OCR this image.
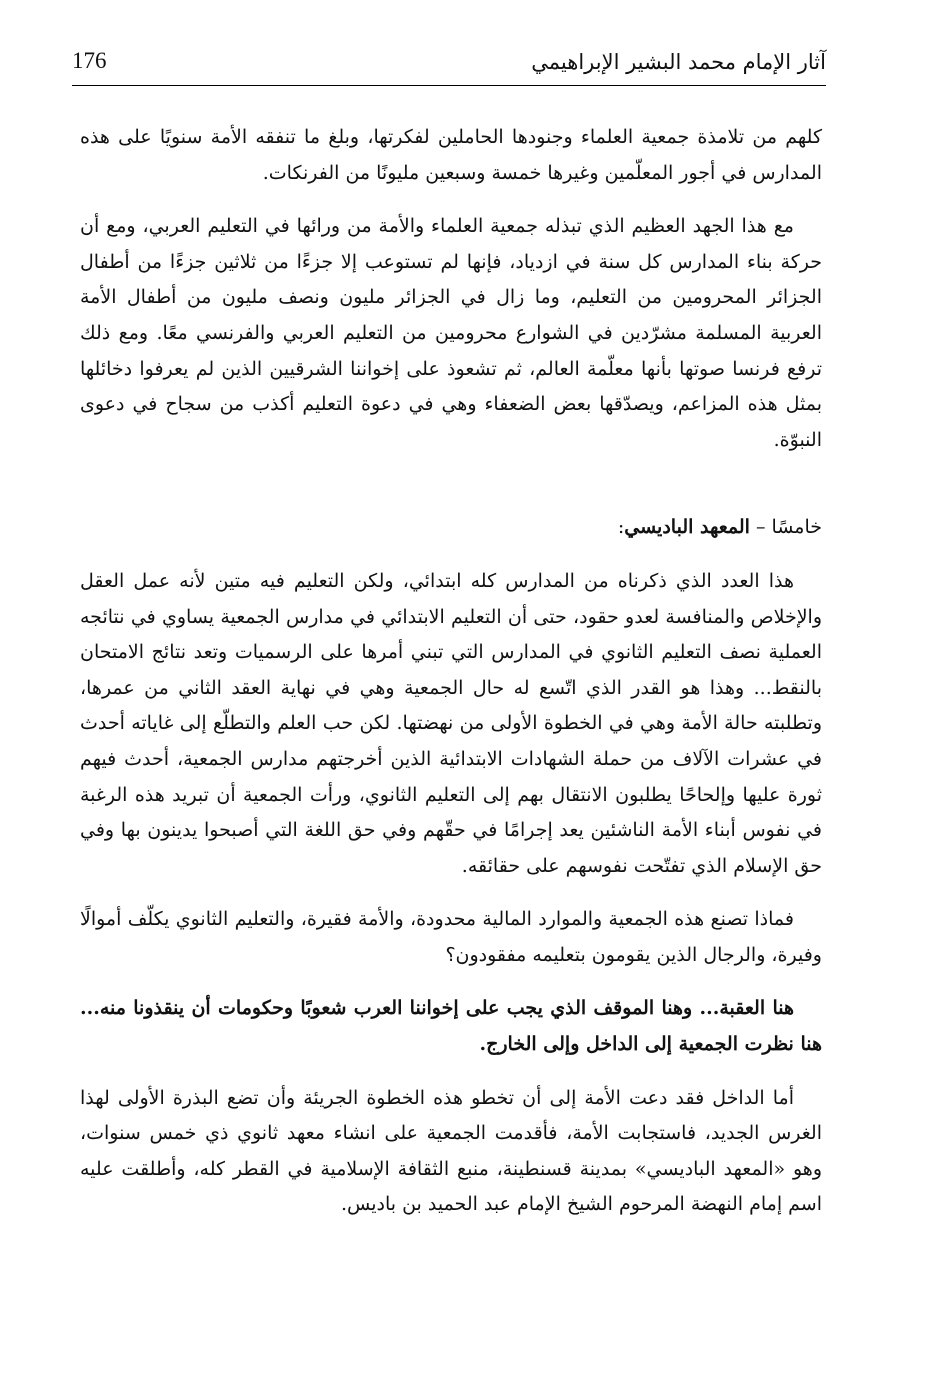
176	آثار الإمام محمد البشير الإبراهيمي

كلهم من تلامذة جمعية العلماء وجنودها الحاملين لفكرتها، وبلغ ما تنفقه الأمة سنويًا على هذه المدارس في أجور المعلّمين وغيرها خمسة وسبعين مليونًا من الفرنكات.

مع هذا الجهد العظيم الذي تبذله جمعية العلماء والأمة من ورائها في التعليم العربي، ومع أن حركة بناء المدارس كل سنة في ازدياد، فإنها لم تستوعب إلا جزءًا من ثلاثين جزءًا من أطفال الجزائر المحرومين من التعليم، وما زال في الجزائر مليون ونصف مليون من أطفال الأمة العربية المسلمة مشرّدين في الشوارع محرومين من التعليم العربي والفرنسي معًا. ومع ذلك ترفع فرنسا صوتها بأنها معلّمة العالم، ثم تشعوذ على إخواننا الشرقيين الذين لم يعرفوا دخائلها بمثل هذه المزاعم، ويصدّقها بعض الضعفاء وهي في دعوة التعليم أكذب من سجاح في دعوى النبوّة.

خامسًا – المعهد الباديسي:

هذا العدد الذي ذكرناه من المدارس كله ابتدائي، ولكن التعليم فيه متين لأنه عمل العقل والإخلاص والمنافسة لعدو حقود، حتى أن التعليم الابتدائي في مدارس الجمعية يساوي في نتائجه العملية نصف التعليم الثانوي في المدارس التي تبني أمرها على الرسميات وتعد نتائج الامتحان بالنقط... وهذا هو القدر الذي اتّسع له حال الجمعية وهي في نهاية العقد الثاني من عمرها، وتطلبته حالة الأمة وهي في الخطوة الأولى من نهضتها. لكن حب العلم والتطلّع إلى غاياته أحدث في عشرات الآلاف من حملة الشهادات الابتدائية الذين أخرجتهم مدارس الجمعية، أحدث فيهم ثورة عليها وإلحاحًا يطلبون الانتقال بهم إلى التعليم الثانوي، ورأت الجمعية أن تبريد هذه الرغبة في نفوس أبناء الأمة الناشئين يعد إجرامًا في حقّهم وفي حق اللغة التي أصبحوا يدينون بها وفي حق الإسلام الذي تفتّحت نفوسهم على حقائقه.

فماذا تصنع هذه الجمعية والموارد المالية محدودة، والأمة فقيرة، والتعليم الثانوي يكلّف أموالًا وفيرة، والرجال الذين يقومون بتعليمه مفقودون؟

هنا العقبة... وهنا الموقف الذي يجب على إخواننا العرب شعوبًا وحكومات أن ينقذونا منه... هنا نظرت الجمعية إلى الداخل وإلى الخارج.

أما الداخل فقد دعت الأمة إلى أن تخطو هذه الخطوة الجريئة وأن تضع البذرة الأولى لهذا الغرس الجديد، فاستجابت الأمة، فأقدمت الجمعية على انشاء معهد ثانوي ذي خمس سنوات، وهو «المعهد الباديسي» بمدينة قسنطينة، منبع الثقافة الإسلامية في القطر كله، وأطلقت عليه اسم إمام النهضة المرحوم الشيخ الإمام عبد الحميد بن باديس.
